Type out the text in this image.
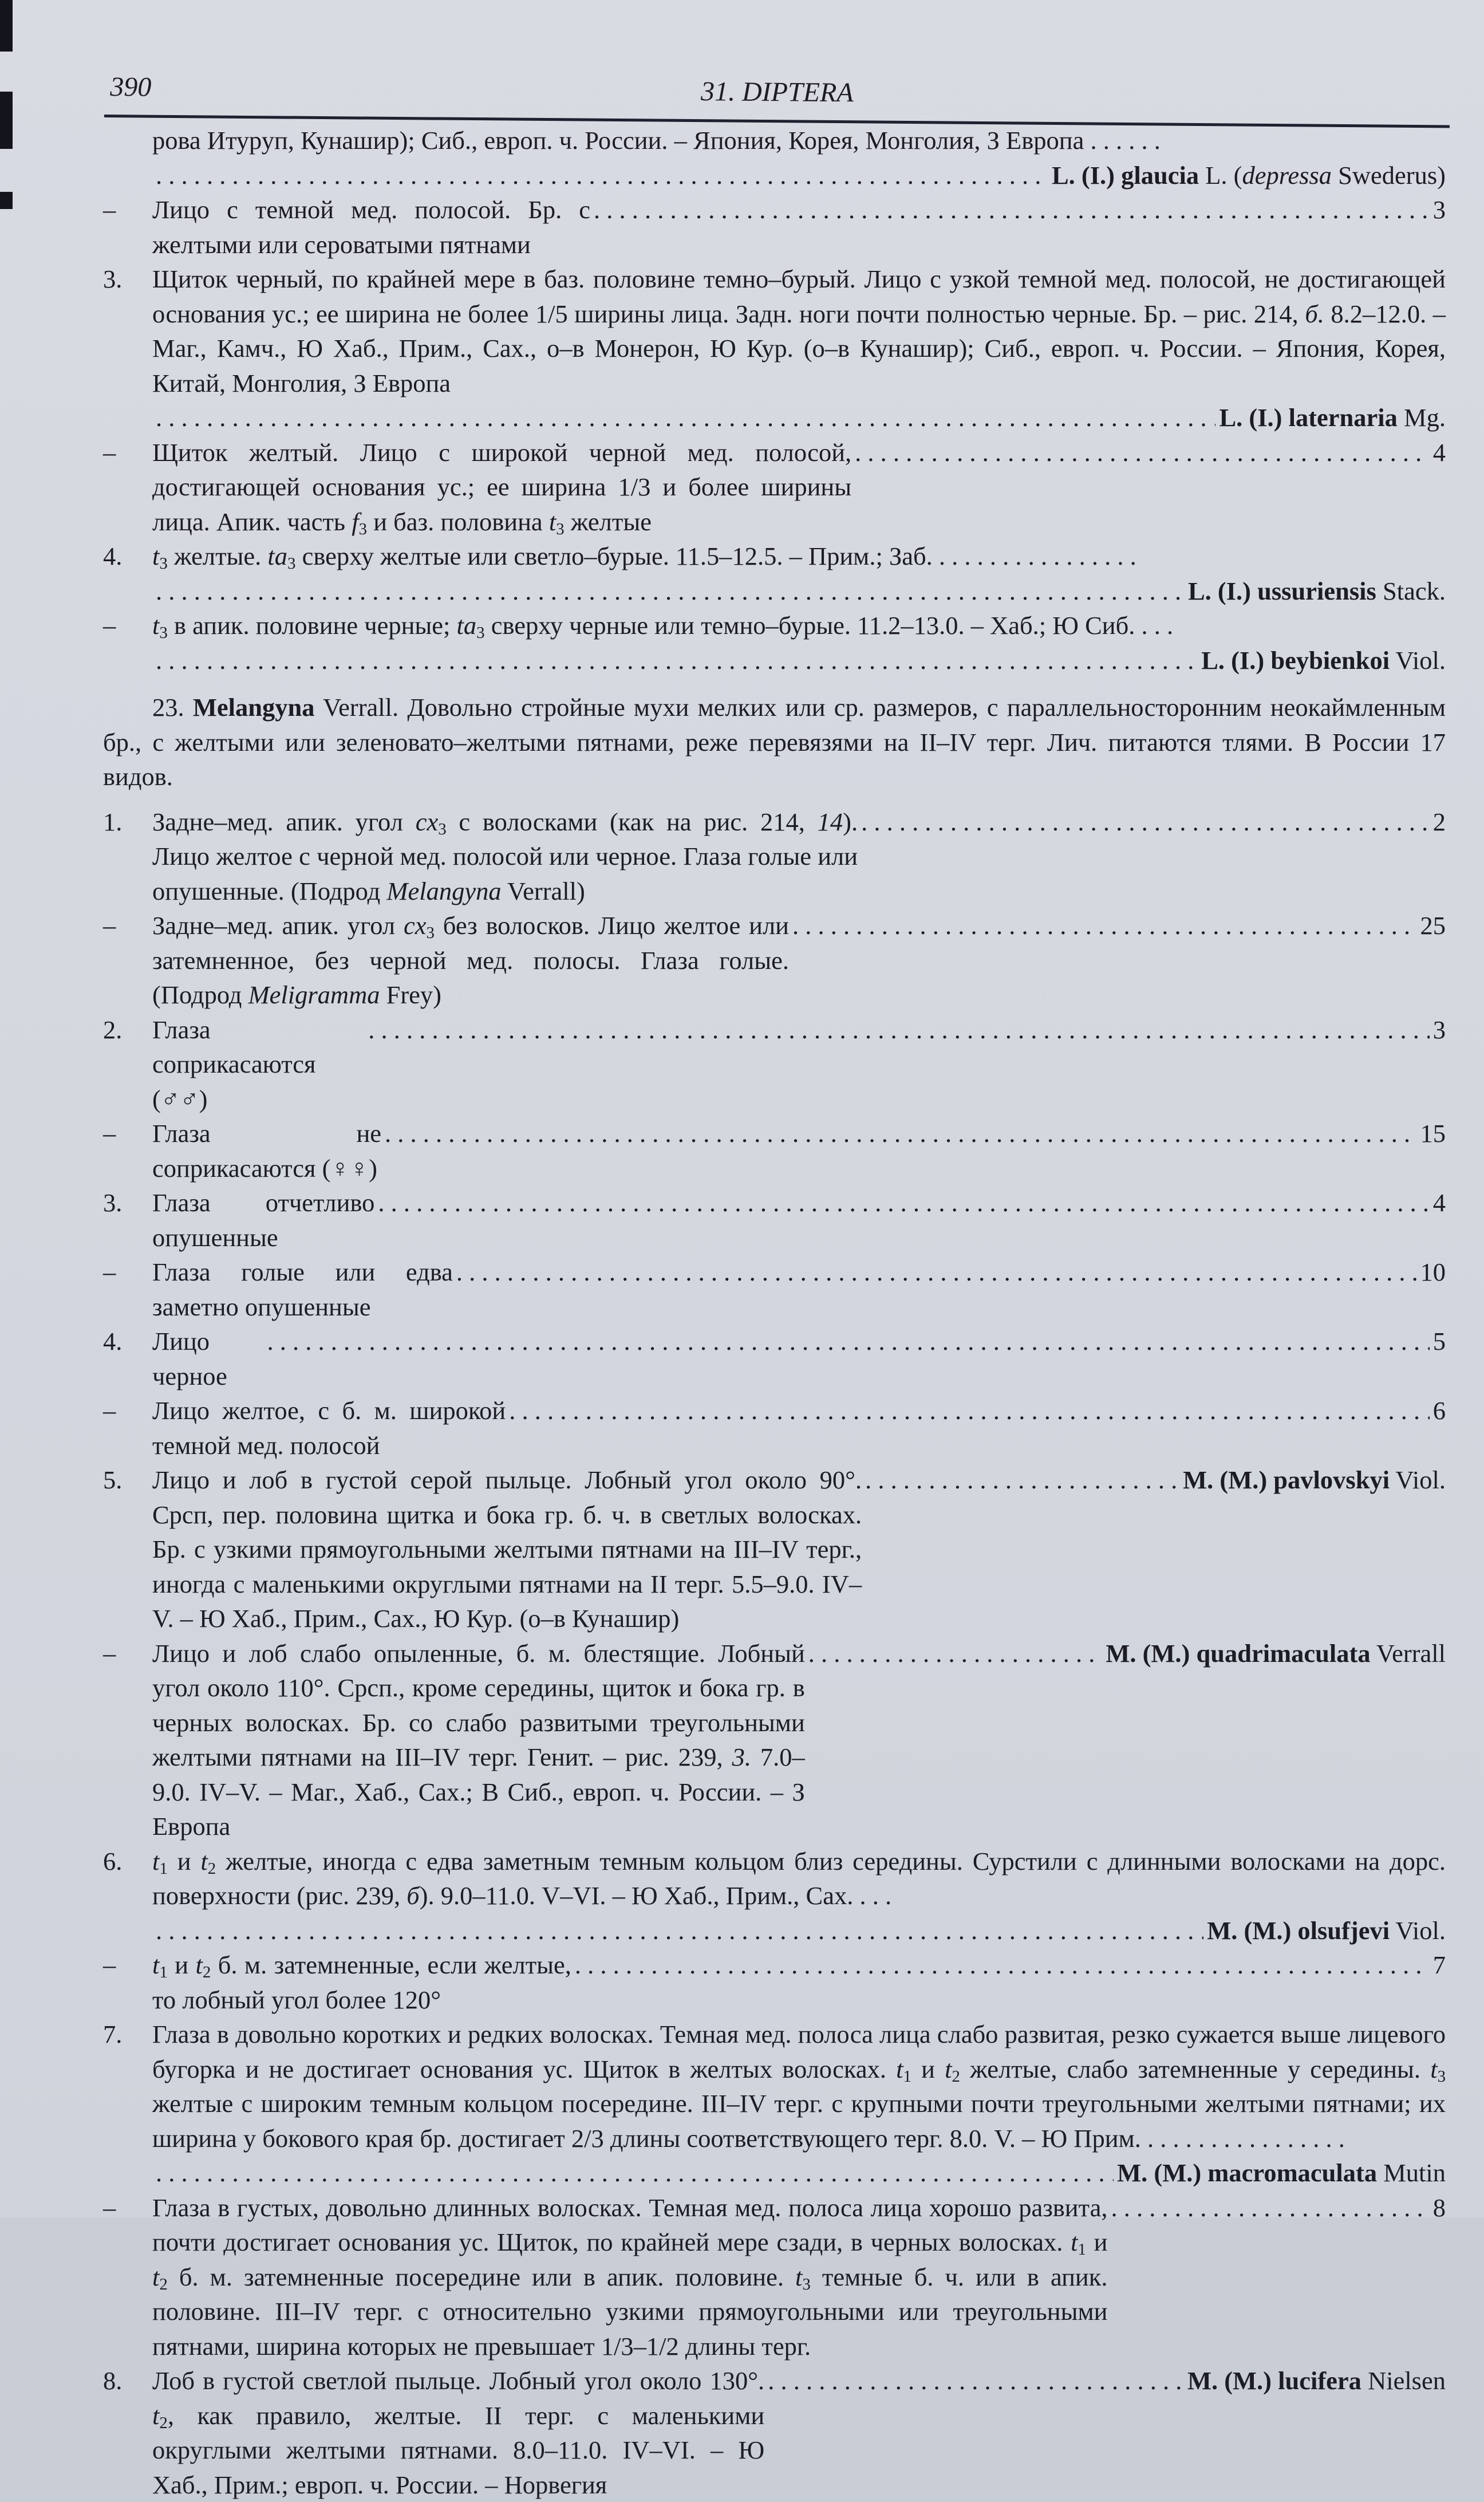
390	31. DIPTERA
рова Итуруп, Кунашир); Сиб., европ. ч. России. – Япония, Корея, Монголия, З Европа . . . . . .
. . .
L. (I.) glaucia L. (depressa Swederus)
–	Лицо с темной мед. полосой. Бр. с желтыми или сероватыми пятнами
. . .
3
3.	Щиток черный, по крайней мере в баз. половине темно–бурый. Лицо с узкой темной мед. полосой, не достигающей основания ус.; ее ширина не более 1/5 ширины лица. Задн. ноги почти полностью черные. Бр. – рис. 214, б. 8.2–12.0. – Маг., Камч., Ю Хаб., Прим., Сах., о–в Монерон, Ю Кур. (о–в Кунашир); Сиб., европ. ч. России. – Япония, Корея, Китай, Монголия, З Европа
. . .
L. (I.) laternaria Mg.
–	Щиток желтый. Лицо с широкой черной мед. полосой, достигающей основания ус.; ее ширина 1/3 и более ширины лица. Апик. часть $f_3$ и баз. половина $t_3$ желтые
. . .
4
4.	$t_3$ желтые. $ta_3$ сверху желтые или светло–бурые. 11.5–12.5. – Прим.; Заб. . . . . . . . . . . . . . . . .
. . .
L. (I.) ussuriensis Stack.
–	$t_3$ в апик. половине черные; $ta_3$ сверху черные или темно–бурые. 11.2–13.0. – Хаб.; Ю Сиб. . . .
. . .
L. (I.) beybienkoi Viol.
23. Melangyna Verrall. Довольно стройные мухи мелких или ср. размеров, с параллельносторонним неокаймленным бр., с желтыми или зеленовато–желтыми пятнами, реже перевязями на II–IV терг. Лич. питаются тлями. В России 17 видов.
1.	Задне–мед. апик. угол $cx_3$ с волосками (как на рис. 214, 14). Лицо желтое с черной мед. полосой или черное. Глаза голые или опушенные. (Подрод Melangyna Verrall)
. . .
2
–	Задне–мед. апик. угол $cx_3$ без волосков. Лицо желтое или затемненное, без черной мед. полосы. Глаза голые. (Подрод Meligramma Frey)
. . .
25
2.	Глаза соприкасаются (♂♂)
. . .
3
–	Глаза не соприкасаются (♀♀)
. . .
15
3.	Глаза отчетливо опушенные
. . .
4
–	Глаза голые или едва заметно опушенные
. . .
10
4.	Лицо черное
. . .
5
–	Лицо желтое, с б. м. широкой темной мед. полосой
. . .
6
5.	Лицо и лоб в густой серой пыльце. Лобный угол около 90°. Срсп, пер. половина щитка и бока гр. б. ч. в светлых волосках. Бр. с узкими прямоугольными желтыми пятнами на III–IV терг., иногда с маленькими округлыми пятнами на II терг. 5.5–9.0. IV–V. – Ю Хаб., Прим., Сах., Ю Кур. (о–в Кунашир)
. . .
M. (M.) pavlovskyi Viol.
–	Лицо и лоб слабо опыленные, б. м. блестящие. Лобный угол около 110°. Срсп., кроме середины, щиток и бока гр. в черных волосках. Бр. со слабо развитыми треугольными желтыми пятнами на III–IV терг. Генит. – рис. 239, 3. 7.0–9.0. IV–V. – Маг., Хаб., Сах.; В Сиб., европ. ч. России. – З Европа
. . .
M. (M.) quadrimaculata Verrall
6.	$t_1$ и $t_2$ желтые, иногда с едва заметным темным кольцом близ середины. Сурстили с длинными волосками на дорс. поверхности (рис. 239, б). 9.0–11.0. V–VI. – Ю Хаб., Прим., Сах. . . .
. . .
M. (M.) olsufjevi Viol.
–	$t_1$ и $t_2$ б. м. затемненные, если желтые, то лобный угол более 120°
. . .
7
7.	Глаза в довольно коротких и редких волосках. Темная мед. полоса лица слабо развитая, резко сужается выше лицевого бугорка и не достигает основания ус. Щиток в желтых волосках. $t_1$ и $t_2$ желтые, слабо затемненные у середины. $t_3$ желтые с широким темным кольцом посередине. III–IV терг. с крупными почти треугольными желтыми пятнами; их ширина у бокового края бр. достигает 2/3 длины соответствующего терг. 8.0. V. – Ю Прим. . . . . . . . . . . . . . . . .
. . .
M. (M.) macromaculata Mutin
–	Глаза в густых, довольно длинных волосках. Темная мед. полоса лица хорошо развита, почти достигает основания ус. Щиток, по крайней мере сзади, в черных волосках. $t_1$ и $t_2$ б. м. затемненные посередине или в апик. половине. $t_3$ темные б. ч. или в апик. половине. III–IV терг. с относительно узкими прямоугольными или треугольными пятнами, ширина которых не превышает 1/3–1/2 длины терг.
. . .
8
8.	Лоб в густой светлой пыльце. Лобный угол около 130°. $t_2$, как правило, желтые. II терг. с маленькими округлыми желтыми пятнами. 8.0–11.0. IV–VI. – Ю Хаб., Прим.; европ. ч. России. – Норвегия
. . .
M. (M.) lucifera Nielsen
